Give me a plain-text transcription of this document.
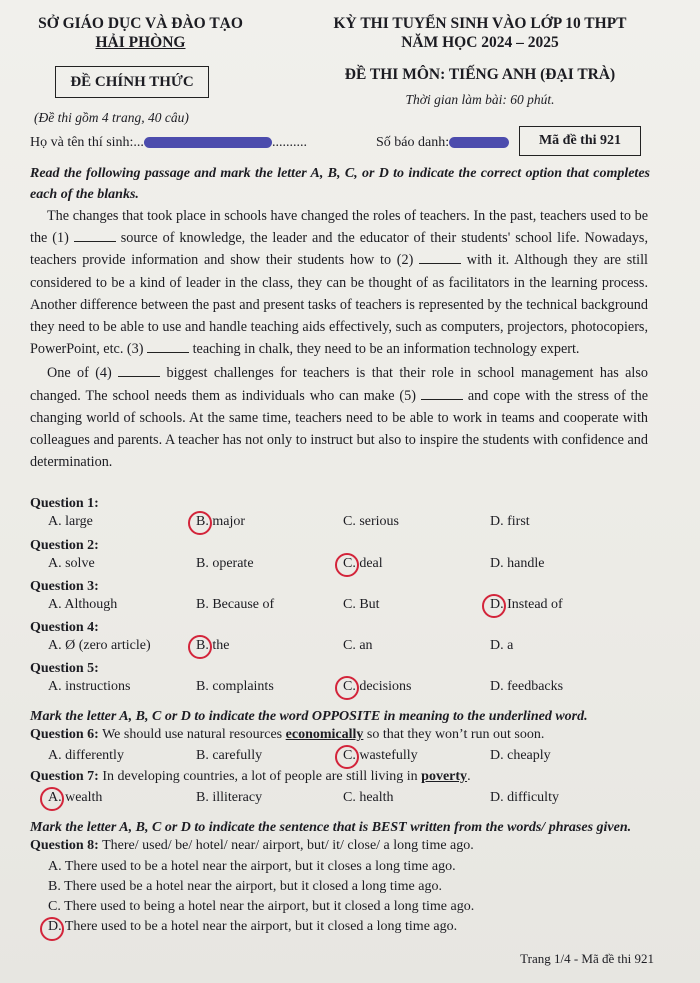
SỞ GIÁO DỤC VÀ ĐÀO TẠO
HẢI PHÒNG
ĐỀ CHÍNH THỨC
(Đề thi gồm 4 trang, 40 câu)
KỲ THI TUYỂN SINH VÀO LỚP 10 THPT
NĂM HỌC 2024 – 2025
ĐỀ THI MÔN: TIẾNG ANH (ĐẠI TRÀ)
Thời gian làm bài: 60 phút.
Họ và tên thí sinh:...	..........	Số báo danh:	Mã đề thi 921
Read the following passage and mark the letter A, B, C, or D to indicate the correct option that completes each of the blanks.

The changes that took place in schools have changed the roles of teachers. In the past, teachers used to be the (1)	source of knowledge, the leader and the educator of their students' school life. Nowadays, teachers provide information and show their students how to (2)	with it. Although they are still considered to be a kind of leader in the class, they can be thought of as facilitators in the learning process. Another difference between the past and present tasks of teachers is represented by the technical background they need to be able to use and handle teaching aids effectively, such as computers, projectors, photocopiers, PowerPoint, etc. (3)	teaching in chalk, they need to be an information technology expert.

One of (4)	biggest challenges for teachers is that their role in school management has also changed. The school needs them as individuals who can make (5)	and cope with the stress of the changing world of schools. At the same time, teachers need to be able to work in teams and cooperate with colleagues and parents. A teacher has not only to instruct but also to inspire the students with confidence and determination.

Question 1:
A. large	B. major	C. serious	D. first
Question 2:
A. solve	B. operate	C. deal	D. handle
Question 3:
A. Although	B. Because of	C. But	D. Instead of
Question 4:
A. Ø (zero article)	B. the	C. an	D. a
Question 5:
A. instructions	B. complaints	C. decisions	D. feedbacks
Mark the letter A, B, C or D to indicate the word OPPOSITE in meaning to the underlined word.
Question 6: We should use natural resources economically so that they won’t run out soon.
A. differently	B. carefully	C. wastefully	D. cheaply
Question 7: In developing countries, a lot of people are still living in poverty.
A. wealth	B. illiteracy	C. health	D. difficulty
Mark the letter A, B, C or D to indicate the sentence that is BEST written from the words/ phrases given.
Question 8: There/ used/ be/ hotel/ near/ airport, but/ it/ close/ a long time ago.
A. There used to be a hotel near the airport, but it closes a long time ago.
B. There used be a hotel near the airport, but it closed a long time ago.
C. There used to being a hotel near the airport, but it closed a long time ago.
D. There used to be a hotel near the airport, but it closed a long time ago.
Trang 1/4 - Mã đề thi 921
